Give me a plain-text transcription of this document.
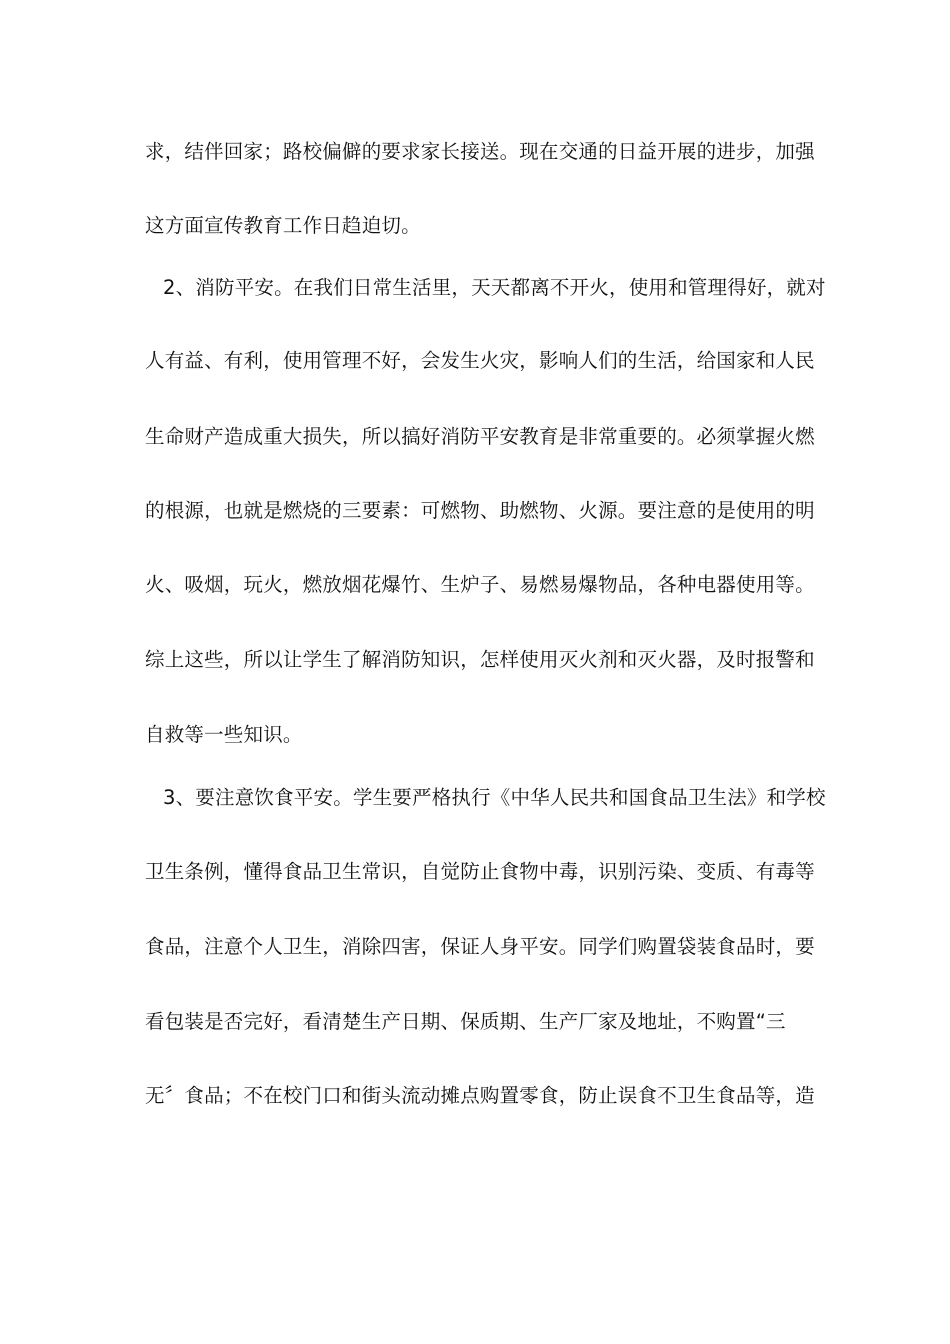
求，结伴回家；路校偏僻的要求家长接送。现在交通的日益开展的进步，加强
这方面宣传教育工作日趋迫切。
2、消防平安。在我们日常生活里，天天都离不开火，使用和管理得好，就对
人有益、有利，使用管理不好，会发生火灾，影响人们的生活，给国家和人民
生命财产造成重大损失，所以搞好消防平安教育是非常重要的。必须掌握火燃
的根源，也就是燃烧的三要素：可燃物、助燃物、火源。要注意的是使用的明
火、吸烟，玩火，燃放烟花爆竹、生炉子、易燃易爆物品，各种电器使用等。
综上这些，所以让学生了解消防知识，怎样使用灭火剂和灭火器，及时报警和
自救等一些知识。
3、要注意饮食平安。学生要严格执行《中华人民共和国食品卫生法》和学校
卫生条例，懂得食品卫生常识，自觉防止食物中毒，识别污染、变质、有毒等
食品，注意个人卫生，消除四害，保证人身平安。同学们购置袋装食品时，要
看包装是否完好，看清楚生产日期、保质期、生产厂家及地址，不购置“三
无〞食品；不在校门口和街头流动摊点购置零食，防止误食不卫生食品等，造
